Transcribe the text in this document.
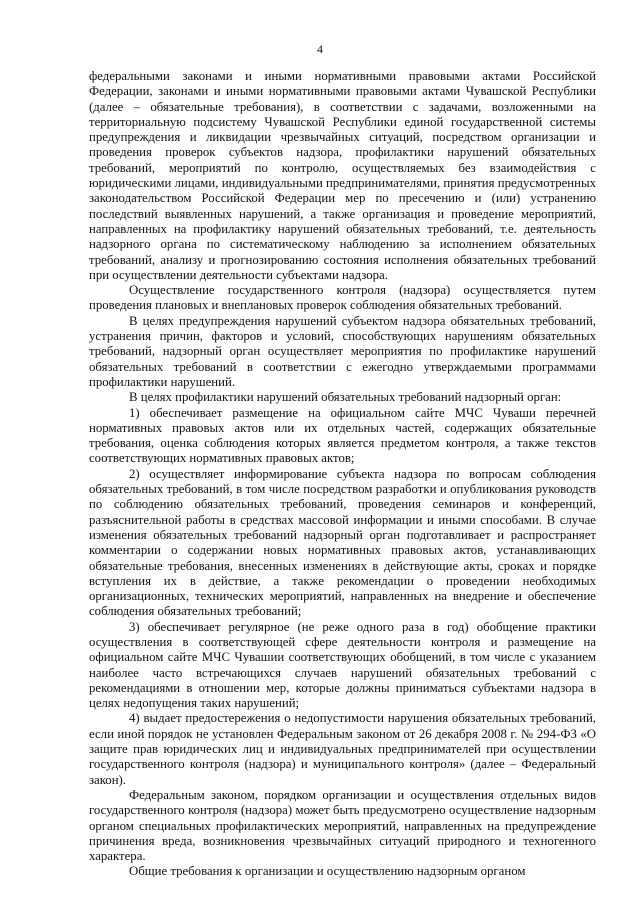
4

федеральными законами и иными нормативными правовыми актами Российской Федерации, законами и иными нормативными правовыми актами Чувашской Республики (далее – обязательные требования), в соответствии с задачами, возложенными на территориальную подсистему Чувашской Республики единой государственной системы предупреждения и ликвидации чрезвычайных ситуаций, посредством организации и проведения проверок субъектов надзора, профилактики нарушений обязательных требований, мероприятий по контролю, осуществляемых без взаимодействия с юридическими лицами, индивидуальными предпринимателями, принятия предусмотренных законодательством Российской Федерации мер по пресечению и (или) устранению последствий выявленных нарушений, а также организация и проведение мероприятий, направленных на профилактику нарушений обязательных требований, т.е. деятельность надзорного органа по систематическому наблюдению за исполнением обязательных требований, анализу и прогнозированию состояния исполнения обязательных требований при осуществлении деятельности субъектами надзора.

Осуществление государственного контроля (надзора) осуществляется путем проведения плановых и внеплановых проверок соблюдения обязательных требований.

В целях предупреждения нарушений субъектом надзора обязательных требований, устранения причин, факторов и условий, способствующих нарушениям обязательных требований, надзорный орган осуществляет мероприятия по профилактике нарушений обязательных требований в соответствии с ежегодно утверждаемыми программами профилактики нарушений.

В целях профилактики нарушений обязательных требований надзорный орган:

1) обеспечивает размещение на официальном сайте МЧС Чуваши перечней нормативных правовых актов или их отдельных частей, содержащих обязательные требования, оценка соблюдения которых является предметом контроля, а также текстов соответствующих нормативных правовых актов;

2) осуществляет информирование субъекта надзора по вопросам соблюдения обязательных требований, в том числе посредством разработки и опубликования руководств по соблюдению обязательных требований, проведения семинаров и конференций, разъяснительной работы в средствах массовой информации и иными способами. В случае изменения обязательных требований надзорный орган подготавливает и распространяет комментарии о содержании новых нормативных правовых актов, устанавливающих обязательные требования, внесенных изменениях в действующие акты, сроках и порядке вступления их в действие, а также рекомендации о проведении необходимых организационных, технических мероприятий, направленных на внедрение и обеспечение соблюдения обязательных требований;

3) обеспечивает регулярное (не реже одного раза в год) обобщение практики осуществления в соответствующей сфере деятельности контроля и размещение на официальном сайте МЧС Чувашии соответствующих обобщений, в том числе с указанием наиболее часто встречающихся случаев нарушений обязательных требований с рекомендациями в отношении мер, которые должны приниматься субъектами надзора в целях недопущения таких нарушений;

4) выдает предостережения о недопустимости нарушения обязательных требований, если иной порядок не установлен Федеральным законом от 26 декабря 2008 г. № 294-ФЗ «О защите прав юридических лиц и индивидуальных предпринимателей при осуществлении государственного контроля (надзора) и муниципального контроля» (далее – Федеральный закон).

Федеральным законом, порядком организации и осуществления отдельных видов государственного контроля (надзора) может быть предусмотрено осуществление надзорным органом специальных профилактических мероприятий, направленных на предупреждение причинения вреда, возникновения чрезвычайных ситуаций природного и техногенного характера.

Общие требования к организации и осуществлению надзорным органом
